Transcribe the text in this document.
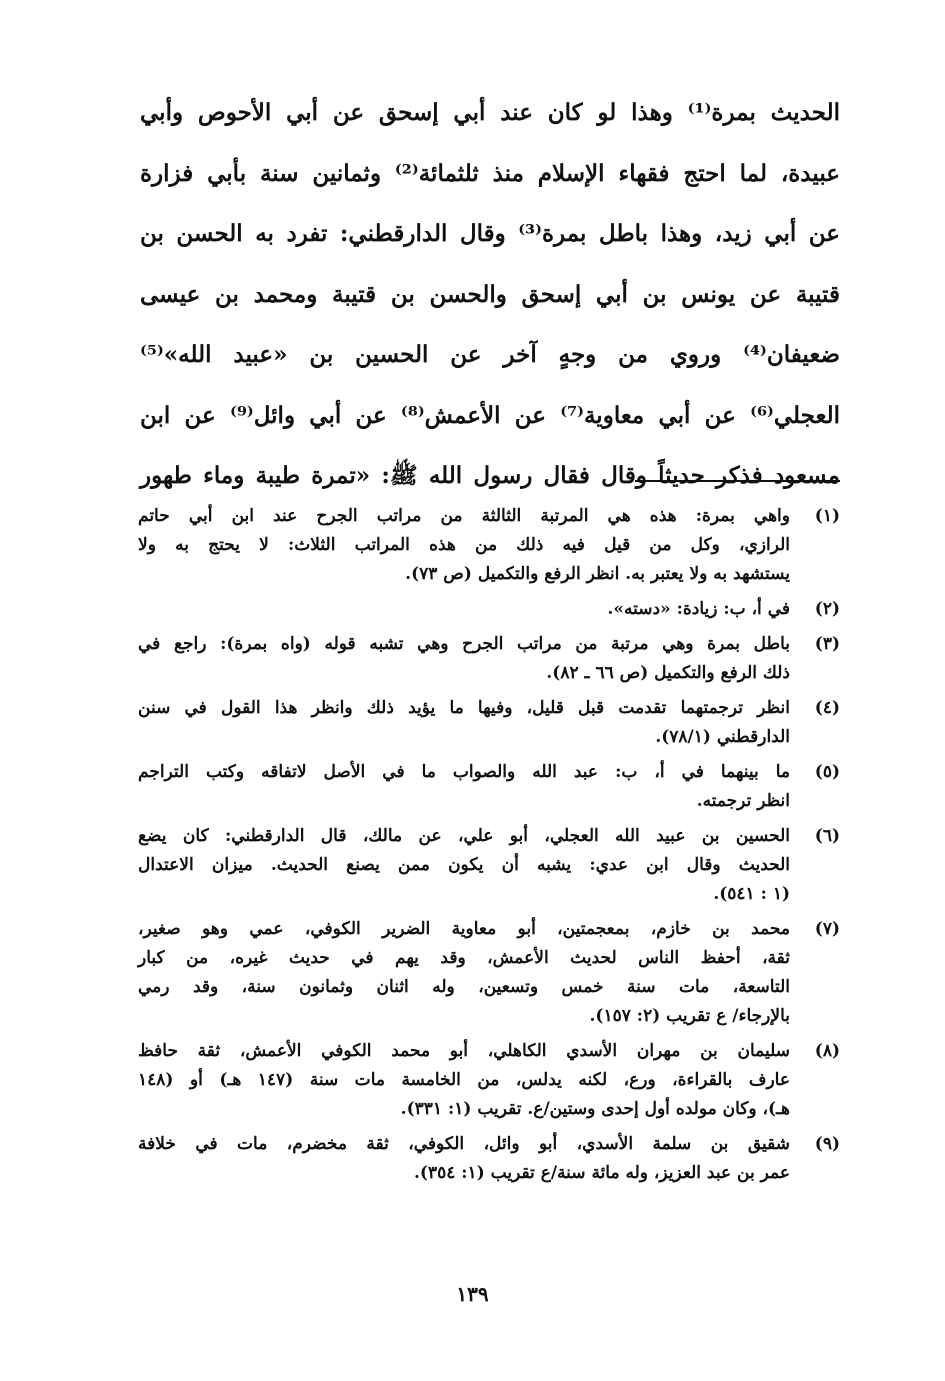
الحديث بمرة⁽¹⁾ وهذا لو كان عند أبي إسحق عن أبي الأحوص وأبي
عبيدة، لما احتج فقهاء الإسلام منذ ثلثمائة⁽²⁾ وثمانين سنة بأبي فزارة
عن أبي زيد، وهذا باطل بمرة⁽³⁾ وقال الدارقطني: تفرد به الحسن بن
قتيبة عن يونس بن أبي إسحق والحسن بن قتيبة ومحمد بن عيسى
ضعيفان⁽⁴⁾ وروي من وجهٍ آخر عن الحسين بن «عبيد الله»⁽⁵⁾
العجلي⁽⁶⁾ عن أبي معاوية⁽⁷⁾ عن الأعمش⁽⁸⁾ عن أبي وائل⁽⁹⁾ عن ابن
مسعود فذكر حديثاً وقال فقال رسول الله ﷺ: «تمرة طيبة وماء طهور
(١)
واهي بمرة: هذه هي المرتبة الثالثة من مراتب الجرح عند ابن أبي حاتم
الرازي، وكل من قيل فيه ذلك من هذه المراتب الثلاث: لا يحتج به ولا
يستشهد به ولا يعتبر به. انظر الرفع والتكميل (ص ٧٣).
(٢)
في أ، ب: زيادة: «دسته».
(٣)
باطل بمرة وهي مرتبة من مراتب الجرح وهي تشبه قوله (واه بمرة): راجع في
ذلك الرفع والتكميل (ص ٦٦ ـ ٨٢).
(٤)
انظر ترجمتهما تقدمت قبل قليل، وفيها ما يؤيد ذلك وانظر هذا القول في سنن
الدارقطني (٧٨/١).
(٥)
ما بينهما في أ، ب: عبد الله والصواب ما في الأصل لاتفاقه وكتب التراجم
انظر ترجمته.
(٦)
الحسين بن عبيد الله العجلي، أبو علي، عن مالك، قال الدارقطني: كان يضع
الحديث وقال ابن عدي: يشبه أن يكون ممن يصنع الحديث. ميزان الاعتدال
(١ : ٥٤١).
(٧)
محمد بن خازم، بمعجمتين، أبو معاوية الضرير الكوفي، عمي وهو صغير،
ثقة، أحفظ الناس لحديث الأعمش، وقد يهم في حديث غيره، من كبار
التاسعة، مات سنة خمس وتسعين، وله اثنان وثمانون سنة، وقد رمي
بالإرجاء/ ع تقريب (٢: ١٥٧).
(٨)
سليمان بن مهران الأسدي الكاهلي، أبو محمد الكوفي الأعمش، ثقة حافظ
عارف بالقراءة، ورع، لكنه يدلس، من الخامسة مات سنة (١٤٧ هـ) أو (١٤٨
هـ)، وكان مولده أول إحدى وستين/ع. تقريب (١: ٣٣١).
(٩)
شقيق بن سلمة الأسدي، أبو وائل، الكوفي، ثقة مخضرم، مات في خلافة
عمر بن عبد العزيز، وله مائة سنة/ع تقريب (١: ٣٥٤).
١٣٩
